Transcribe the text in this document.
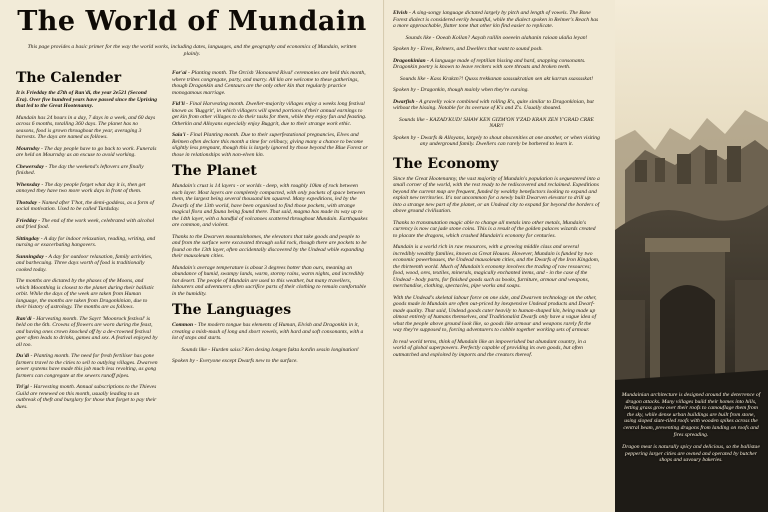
The World of Mundain
This page provides a basic primer for the way the world works, including dates, languages, and the geography and economics of Mundain, written plainly.
The Calender
It is Friedday the 47th of Ran'di, the year 2e521 (Second Era). Over five hundred years have passed since the Uprising that led to the Great Hootenanny.
Mundain has 24 hours in a day, 7 days in a week, and 60 days across 6 months, totalling 360 days. The planet has no seasons, food is grown throughout the year, averaging 3 harvests. The days are named as follows.
Mourndsy - The day people have to go back to work. Funerals are held on Mourndsy as an excuse to avoid working.
Chewersday - The day the weekend's leftovers are finally finished.
Whensday - The day people forget what day it is, then get annoyed they have two more work days in front of them.
Thotsday - Named after T'hot, the demi-goddess, as a form of social motivation. Used to be called Turdsday.
Friedday - The end of the work week, celebrated with alcohol and fried food.
Sittingday - A day for indoor relaxation, reading, writing, and nursing or exacerbating hangovers.
Sunningday - A day for outdoor relaxation, family activities, and barbecuing. Three days worth of food is traditionally cooked today.
The months are dictated by the phases of the Moons, and which Moonthing is closest to the planet during their ballistic orbit. While the days of the week are taken from Human language, the months are taken from Dragonkinian, due to their history of astrology. The months are as follows.
Ran'di - Harvesting month. The Sayrt 'Moonrock festival' is held on the 6th. Crowns of flowers are worn during the feast, and having ones crown knocked off by a de-crowned festival goer often leads to drinks, games and sex. A festival enjoyed by all too.
Du'di - Planting month. The need for fresh fertiliser has gone farmers travel to the cities to sell to outlying villages. Dwarven sewer systems have made this job much less revolting, as gong farmers can congregate at the sewers runoff pipes.
Tri'gi - Harvesting month. Annual subscriptions to the Thieves Guild are renewed on this month, usually leading to an outbreak of theft and burglary for those that forget to pay their dues.
For'ai - Planting month. The Orcish 'Honoured Rival' ceremonies are held this month, where tribes congregate, party, and marry. All kin are welcome to these gatherings, though Dragonkin and Centaurs are the only other kin that regularly practice monogamous marriage.
Fid'li - Final Harvesting month. Dweller-majority villages enjoy a weeks long festival known as 'Buggrit', in which villagers will spend portions of their annual earnings to get kin from other villages to do their tasks for them, while they enjoy fun and feasting. Otherkin and Alloyans especially enjoy Buggrit, due to their strange work ethic.
Saia'i - Final Planting month. Due to their superfestational pregnancies, Elves and Relmen often declare this month a time for celibacy, giving many a chance to become slightly less pregnant, though this is largely ignored by those beyond the Blue Forest or those in relationships with non-elven kin.
The Planet
Mundain's crust is 14 layers - or worlds - deep, with roughly 10km of rock between each layer. Most layers are completely compacted, with only pockets of space between them, the largest being several thousand km squared. Many expeditions, led by the Dwarfs of the 13th world, have been organised to find those pockets, with strange magical flora and fauna being found there. That said, magma has made its way up to the 14th layer, with a handful of volcanoes scattered throughout Mundain. Earthquakes are common, and violent.
Thanks to the Dwarven mountainhomes, the elevators that take goods and people to and from the surface were excavated through solid rock, though there are pockets to be found on the 13th layer, often accidentally discovered by the Undead while expanding their mausoleum cities.
Mundain's average temperature is about 3 degrees hotter than ours, meaning an abundance of humid, swampy lands, warm, stormy rains, warm nights, and incredibly hot desert. The people of Mundain are used to this weather, but many travellers, labourers and adventurers often sacrifice parts of their clothing to remain comfortable in the humidity.
The Languages
Common - The modern tongue has elements of Human, Elvish and Dragonkin in it, creating a mish-mash of long and short vowels, with hard and soft consonants, with a lot of stops and starts.
Sounds like - Hurden saiss? Ken desing longen fakta kordin sessin longination!
Spoken by - Everyone except Dwarfs new to the surface.
Elvish - A sing-songy language dictated largely by pitch and length of vowels. The Bone Forest dialect is considered eerily beautiful, while the dialect spoken in Relmer's Reach has a more approachable, flatter tone that other kin find easier to replicate.
Sounds like - Ooeah Kollan? Aayah raillin ooeeein alahanin raioan ulalia leyan!
Spoken by - Elves, Relmers, and Dwellers that want to sound posh.
Dragonkinian - A language made of reptilian hissing and hard, snapping consonants. Dragonkin poetry is known to leave reciters with sore throats and broken teeth.
Sounds like - Kass Krakzn?! Qusss trekkanan sasssukratian sen akt karran ssasssskat!
Spoken by - Dragonkin, though mainly when they're cursing.
Dwarfish - A gravelly voice combined with rolling R's, quite similar to Dragonkinian, but without the hissing. Notable for its overuse of K's and Z's. Usually shouted.
Sounds like - KAZAD'KUD! SHAW KEN GIZM'ON Y'ZAD KRAN ZEN Y'GRAD CRRE NAR!!
Spoken by - Dwarfs & Alloyans, largely to shout obscenities at one another, or when visiting any underground family. Dwellers can rarely be bothered to learn it.
The Economy
Since the Great Hootenanny, the vast majority of Mundain's population is sequestered into a small corner of the world, with the rest ready to be rediscovered and reclaimed. Expeditions beyond the current map are frequent, funded by wealthy benefactors looking to expand and exploit new territories. It's not uncommon for a newly built Dwarven elevator to drill up into a strange new part of the planet, or an Undead city to expand far beyond the borders of above ground civilisation.
Thanks to transmutation magic able to change all metals into other metals, Mundain's currency is now cut jade stone coins. This is a result of the golden palaces wizards created to placate the dragons, which crashed Mundain's economy for centuries.
Mundain is a world rich in raw resources, with a growing middle class and several incredibly wealthy families, known as Great Houses. However, Mundain is funded by two economic powerhouses, the Undead mausoleum cities, and the Dwarfs of the Iron Kingdom, the thirteenth world. Much of Mundain's economy involves the trading of raw resources; food, wood, ores, textiles, minerals, magically enchanted items, and - in the case of the Undead - body parts, for finished goods such as books, furniture, armour and weapons, merchandise, clothing, spectacles, pipe works and soaps.
With the Undead's skeletal labour force on one side, and Dwarven technology on the other, goods made in Mundain are often out-priced by inexpensive Undead products and Dwarf-made quality. That said, Undead goods cater heavily to human-shaped kin, being made up almost entirely of humans themselves, and Traditionalist Dwarfs only have a vague idea of what the people above ground look like, so goods like armour and weapons rarely fit the way they're supposed to, forcing adventurers to cobble together working sets of armour.
In real world terms, think of Mundain like an impoverished but abundant country, in a world of global superpowers. Perfectly capable of providing its own goods, but often outmatched and exploited by imports and the creators thereof.
Mundainian architecture is designed around the deterrence of dragon attacks. Many villages build their homes into hills, letting grass grow over their roofs to camouflage them from the sky, while dense urban buildings are built from stone, using sloped slate-tiled roofs with wooden spikes across the central beam, preventing dragons from landing on roofs and fires spreading.
Dragon meat is naturally spicy and delicious, so the ballistae peppering larger cities are owned and operated by butcher shops and savoury bakeries.
